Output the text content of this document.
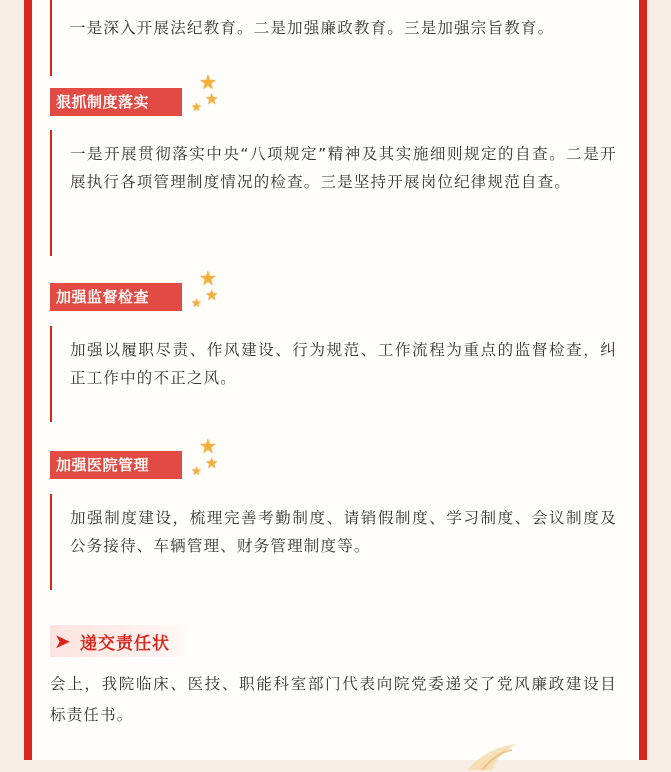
一是深入开展法纪教育。二是加强廉政教育。三是加强宗旨教育。
狠抓制度落实
★
★
★
一是开展贯彻落实中央“八项规定”精神及其实施细则规定的自查。二是开展执行各项管理制度情况的检查。三是坚持开展岗位纪律规范自查。
加强监督检查
★
★
★
加强以履职尽责、作风建设、行为规范、工作流程为重点的监督检查，纠正工作中的不正之风。
加强医院管理
★
★
★
加强制度建设，梳理完善考勤制度、请销假制度、学习制度、会议制度及公务接待、车辆管理、财务管理制度等。
➤ 递交责任状
会上，我院临床、医技、职能科室部门代表向院党委递交了党风廉政建设目标责任书。
